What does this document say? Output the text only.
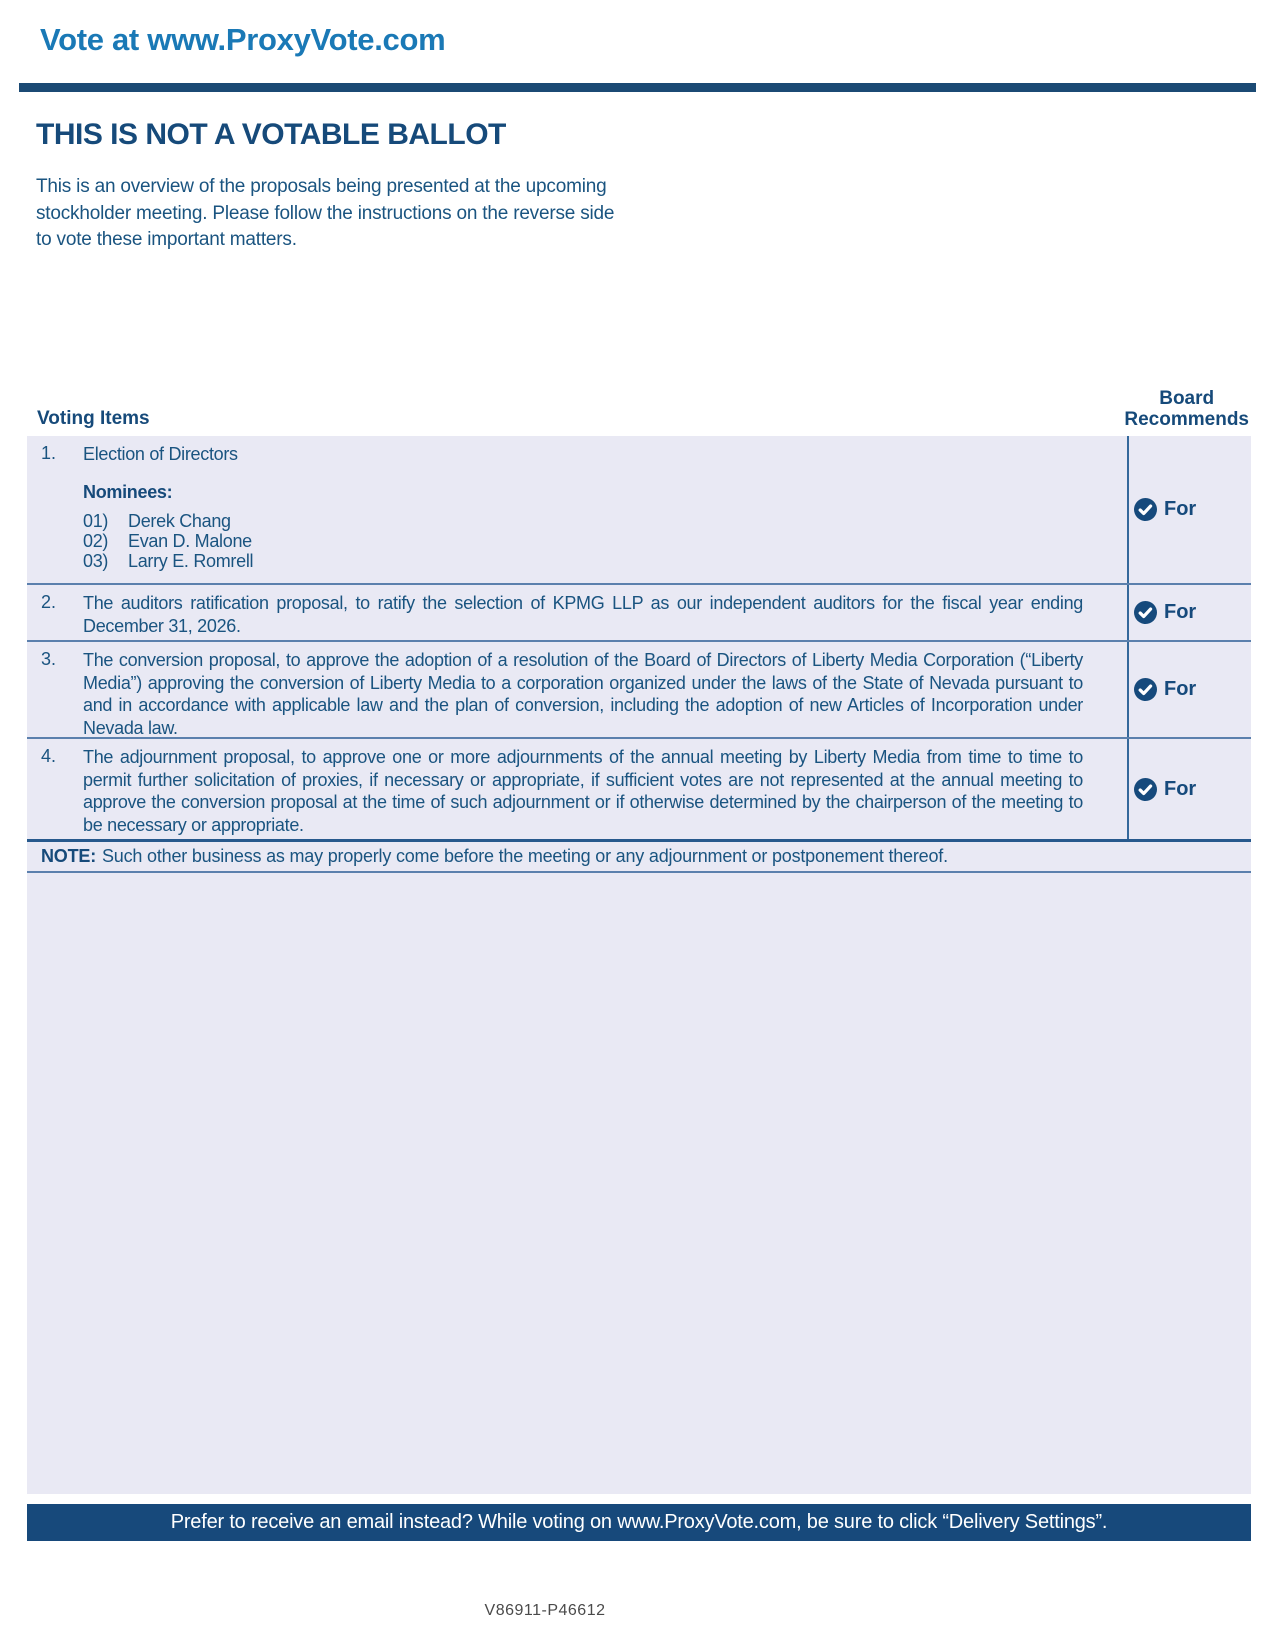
Vote at www.ProxyVote.com
THIS IS NOT A VOTABLE BALLOT
This is an overview of the proposals being presented at the upcoming stockholder meeting. Please follow the instructions on the reverse side to vote these important matters.
Voting Items
Board
Recommends
1.	Election of Directors
Nominees:
01)	Derek Chang
02)	Evan D. Malone
03)	Larry E. Romrell
For
2.	The auditors ratification proposal, to ratify the selection of KPMG LLP as our independent auditors for the fiscal year ending December 31, 2026.
For
3.	The conversion proposal, to approve the adoption of a resolution of the Board of Directors of Liberty Media Corporation (“Liberty Media”) approving the conversion of Liberty Media to a corporation organized under the laws of the State of Nevada pursuant to and in accordance with applicable law and the plan of conversion, including the adoption of new Articles of Incorporation under Nevada law.
For
4.	The adjournment proposal, to approve one or more adjournments of the annual meeting by Liberty Media from time to time to permit further solicitation of proxies, if necessary or appropriate, if sufficient votes are not represented at the annual meeting to approve the conversion proposal at the time of such adjournment or if otherwise determined by the chairperson of the meeting to be necessary or appropriate.
For
NOTE: Such other business as may properly come before the meeting or any adjournment or postponement thereof.
Prefer to receive an email instead? While voting on www.ProxyVote.com, be sure to click “Delivery Settings”.
V86911-P46612
